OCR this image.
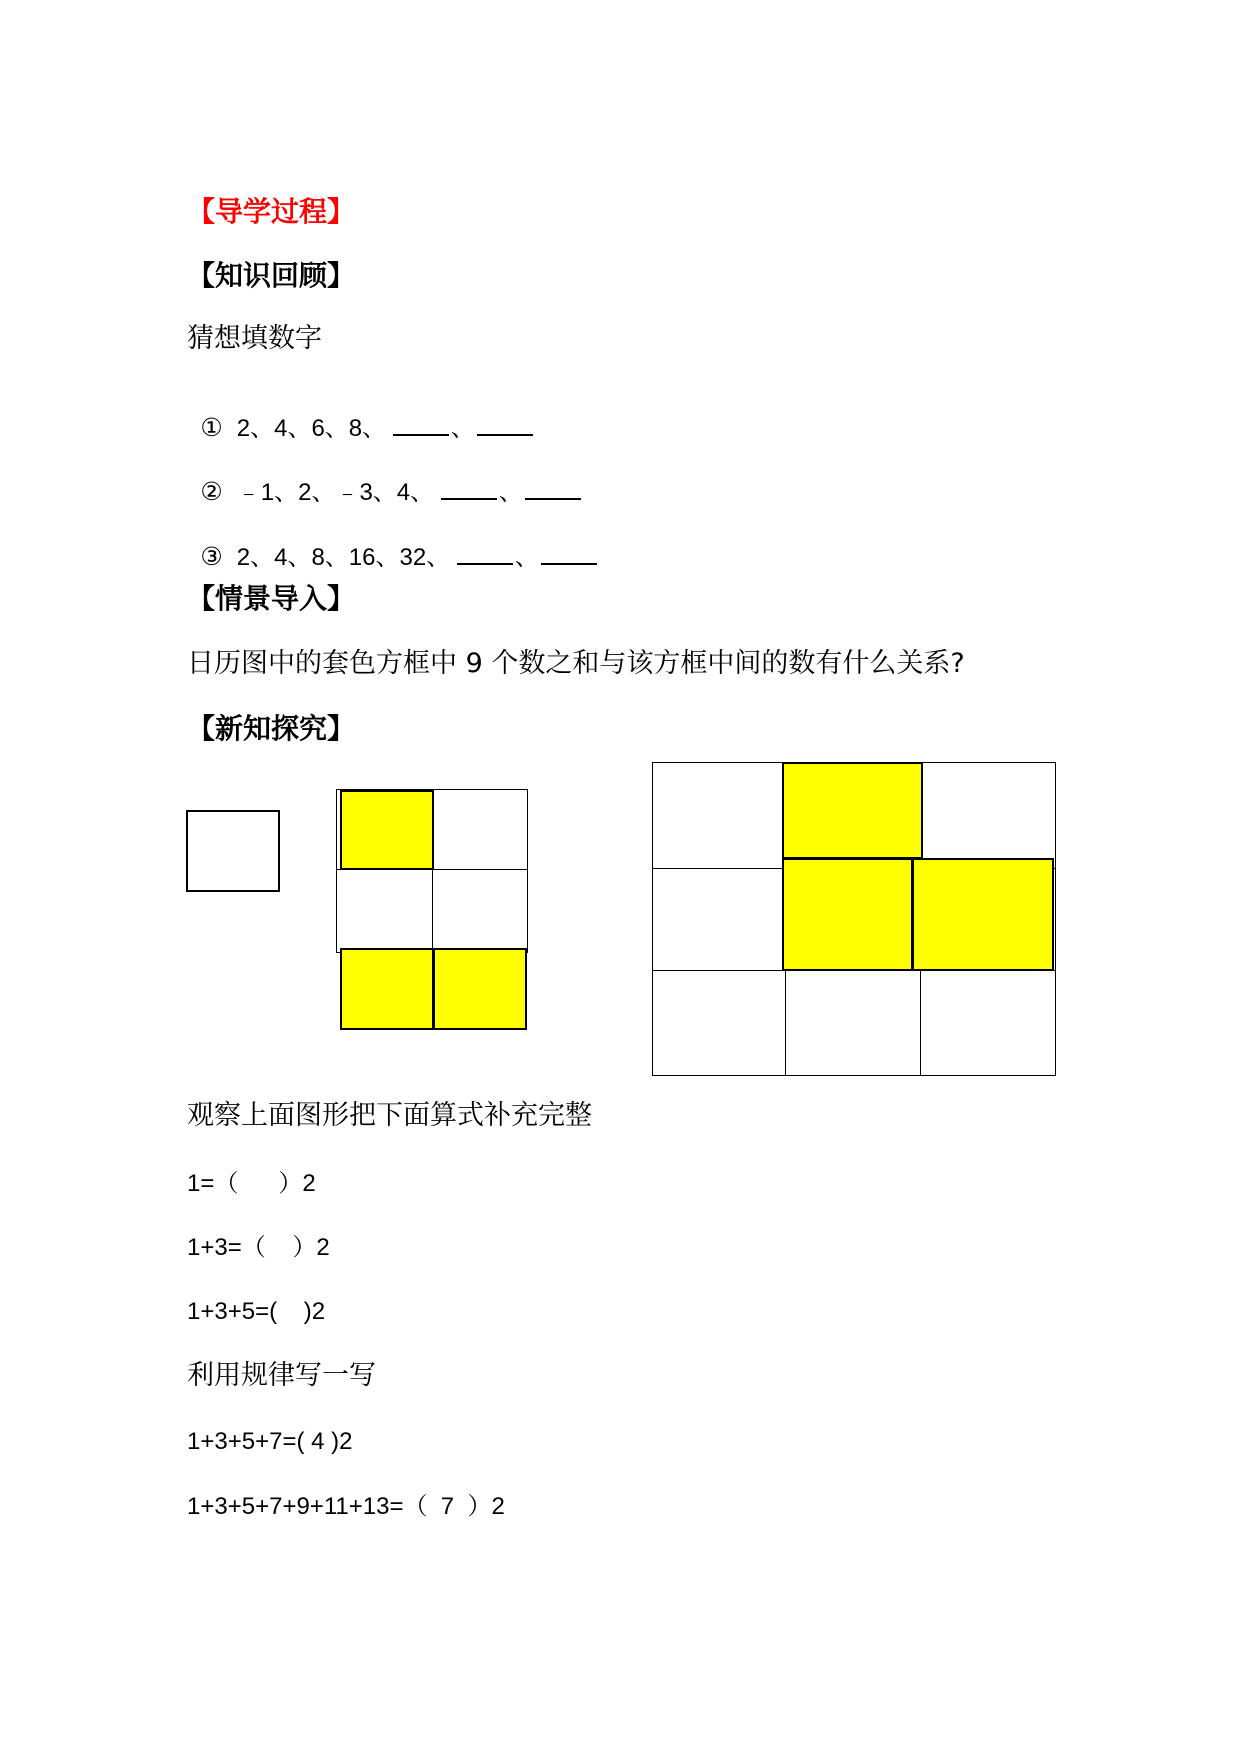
【导学过程】
【知识回顾】
猜想填数字

① 2、4、6、8、	、

② ﹣1、2、﹣3、4、	、

③ 2、4、8、16、32、	、

【情景导入】
日历图中的套色方框中 9 个数之和与该方框中间的数有什么关系?
【新知探究】
观察上面图形把下面算式补充完整
1=（      ）2
1+3=（    ）2
1+3+5=(    )2
利用规律写一写
1+3+5+7=( 4 )2
1+3+5+7+9+11+13=（  7  ）2
